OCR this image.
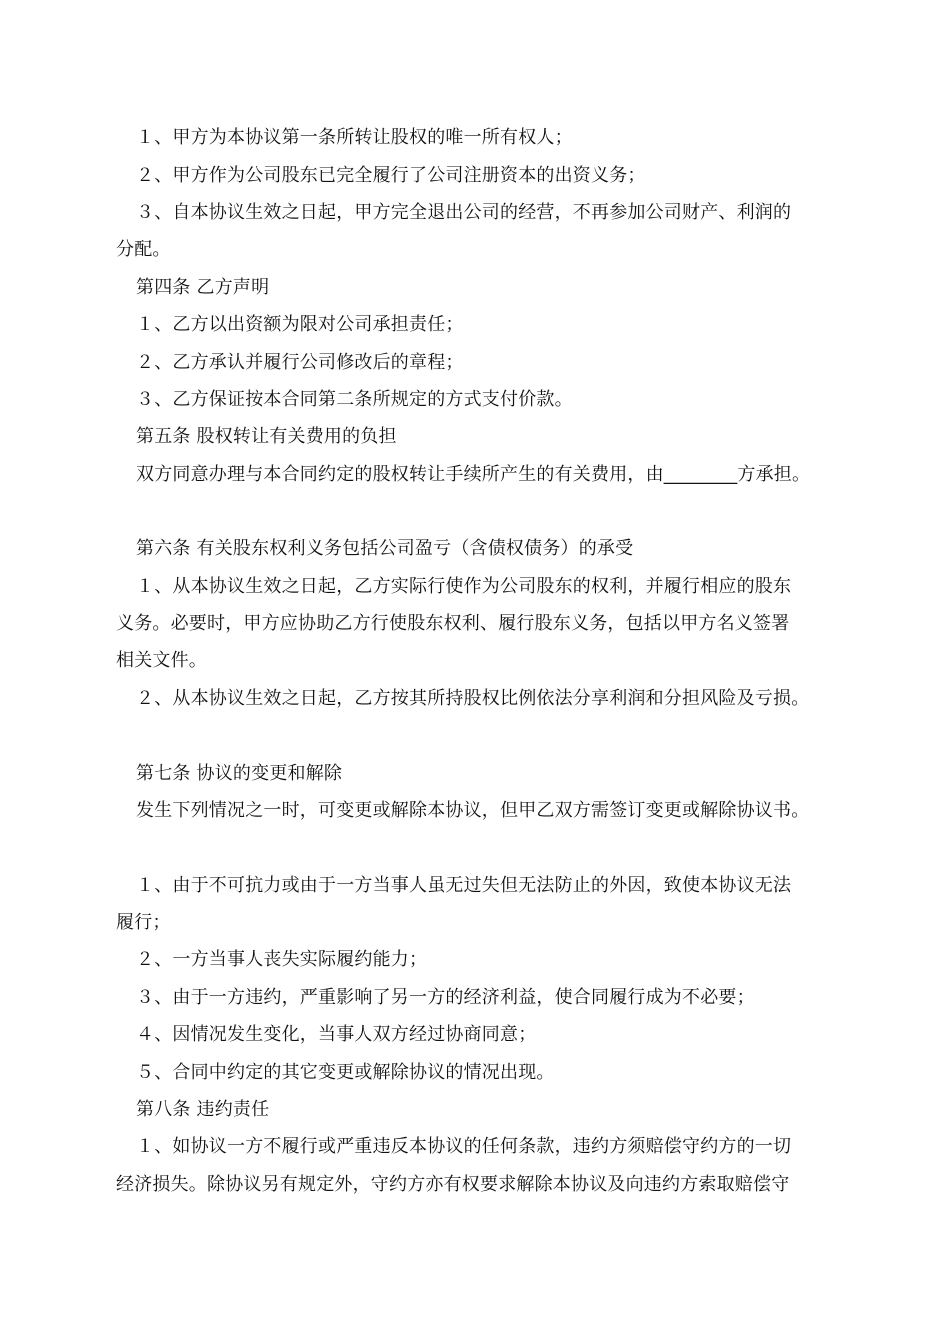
１、甲方为本协议第一条所转让股权的唯一所有权人；
２、甲方作为公司股东已完全履行了公司注册资本的出资义务；
３、自本协议生效之日起，甲方完全退出公司的经营，不再参加公司财产、利润的
分配。
第四条 乙方声明
１、乙方以出资额为限对公司承担责任；
２、乙方承认并履行公司修改后的章程；
３、乙方保证按本合同第二条所规定的方式支付价款。
第五条 股权转让有关费用的负担
双方同意办理与本合同约定的股权转让手续所产生的有关费用，由________方承担。
第六条 有关股东权利义务包括公司盈亏（含债权债务）的承受
１、从本协议生效之日起，乙方实际行使作为公司股东的权利，并履行相应的股东
义务。必要时，甲方应协助乙方行使股东权利、履行股东义务，包括以甲方名义签署
相关文件。
２、从本协议生效之日起，乙方按其所持股权比例依法分享利润和分担风险及亏损。
第七条 协议的变更和解除
发生下列情况之一时，可变更或解除本协议，但甲乙双方需签订变更或解除协议书。
１、由于不可抗力或由于一方当事人虽无过失但无法防止的外因，致使本协议无法
履行；
２、一方当事人丧失实际履约能力；
３、由于一方违约，严重影响了另一方的经济利益，使合同履行成为不必要；
４、因情况发生变化，当事人双方经过协商同意；
５、合同中约定的其它变更或解除协议的情况出现。
第八条 违约责任
１、如协议一方不履行或严重违反本协议的任何条款，违约方须赔偿守约方的一切
经济损失。除协议另有规定外，守约方亦有权要求解除本协议及向违约方索取赔偿守
